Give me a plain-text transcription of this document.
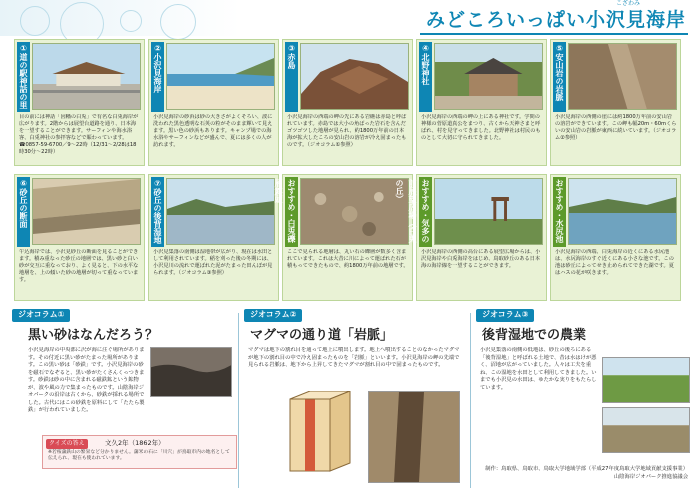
こざわみ
みどころいっぱい小沢見海岸
①道の駅神話の里白うさぎ
目の前には神話「因幡の白兎」で有名な白兎海岸が広がります。2階からは展望台道路を通り、日本海を一望することができます。サーフィンや海水浴客、白兎神社の参拝客などで賑わっています。 ☎0857-59-6700／9〜22時（12/31〜2/28は18時30分〜22時）
②小沢見海岸
小沢見海岸の砂浜は砂の大きさがよくそろい、波に洗われた黒色透明な石英の粒がそのまま輝いて見えます。黒い色の砂浜もあります。キャンプ場での海水浴やサーフィンなどが盛んで、夏には多くの人が訪れます。
③赤島
小沢見海岸の西端の岬の先にある岩礁は赤島と呼ばれています。赤島では大小の角ばった岩石を含んだゴツゴツした地層が見られ、約1800万年前の日本海が拡大したころの安山岩の溶岩が冷え固まったものです。（ジオコラム①参照）
④北野神社
小沢見海岸の西端の岬の上にある神社です。学問の神様の菅原道真公をまつり、古くから天神さまと呼ばれ、村を見守ってきました。北野神社は村民のものとして大切に守られてきました。
⑤安山岩の岩脈
小沢見海岸の西側の崖には約1800万年前の安山岩の溶岩ができています。この岬も幅20m・60mくらいの安山岩の岩脈が東西に続いています。（ジオコラム②参照）
⑥砂丘の断面
午込海岸では、小沢見砂丘の断面を見ることができます。積み重なった砂丘の地層では、黒い砂と白い砂が交互に重なっており、よく見ると、下の水平な地層を、上の傾いた砂の地層が切って重なっています。
⑦砂丘の後背湿地
小沢見集落の南側は湿地帯が広がり、現在は水田として利用されています。稲を刈った後の冬期には、小沢見川の流れで運ばれた泥がたまった田んぼが見られます。（ジオコラム③参照）
おすすめ・白兎礫層露頭
ここで見られる地層は、丸い石の礫層が数多く含まれています。これは大昔に川によって運ばれた石が積もってできたもので、約1800万年前の地層です。
おすすめ・気多の前展望広場（白兎の丘）
小沢見海岸の西側の高台にある展望広場からは、小沢見海岸や白兎海岸をはじめ、鳥取砂丘のある日本海の海岸線を一望することができます。
おすすめ・水尻池
小沢見海岸の西端、白兎海岸の近くにある水尻池は、水尻海岸のすぐ近くにある小さな池です。この池は砂丘によってせき止められてできた湖です。夏はハスの花が咲きます。
ジオコラム①
黒い砂はなんだろう？
小沢見海岸の中央部に沢が海に注ぐ場所があります。その付近に黒い砂がたまった場所があります。この黒い砂は「砂鉄」です。小沢見海岸の砂を磁石でなぞると、黒い砂がたくさんくっつきます。砂鉄は砂の中に含まれる磁鉄鉱という鉱物が、波や風の力で集まったものです。山陰海岸ジオパークの沿岸は古くから、砂鉄が採れる場所でした。古代にはこの砂鉄を原料にして「たたら製鉄」が行われていました。
クイズの答え	文久2年（1862年）
※若桜藩鉄山の繁栄など分かりません。藩米の石に「川穴」が鳥取市内の地名として伝えられ、現在も使われています。
ジオコラム②
マグマの通り道「岩脈」
マグマは地下の割れ目を通って地上に噴出します。地上へ噴出することのなかったマグマが地下の割れ目の中で冷え固まったものを「岩脈」といいます。小沢見海岸の岬の先端で見られる岩脈は、地下から上昇してきたマグマが割れ目の中で固まったものです。
ジオコラム③
後背湿地での農業
小沢見集落の南側の低地は、砂丘の後ろにある「後背湿地」と呼ばれる土地で、昔は水はけが悪く、沼地が広がっていました。人々は工夫を重ね、この湿地を水田として利用してきました。いまでも小沢見の水田は、ゆたかな実りをもたらしています。
制作：鳥取県、鳥取市、鳥取大学地域学部（平成27年度鳥取大学地域貢献支援事業）
山陰海岸ジオパーク推進協議会
